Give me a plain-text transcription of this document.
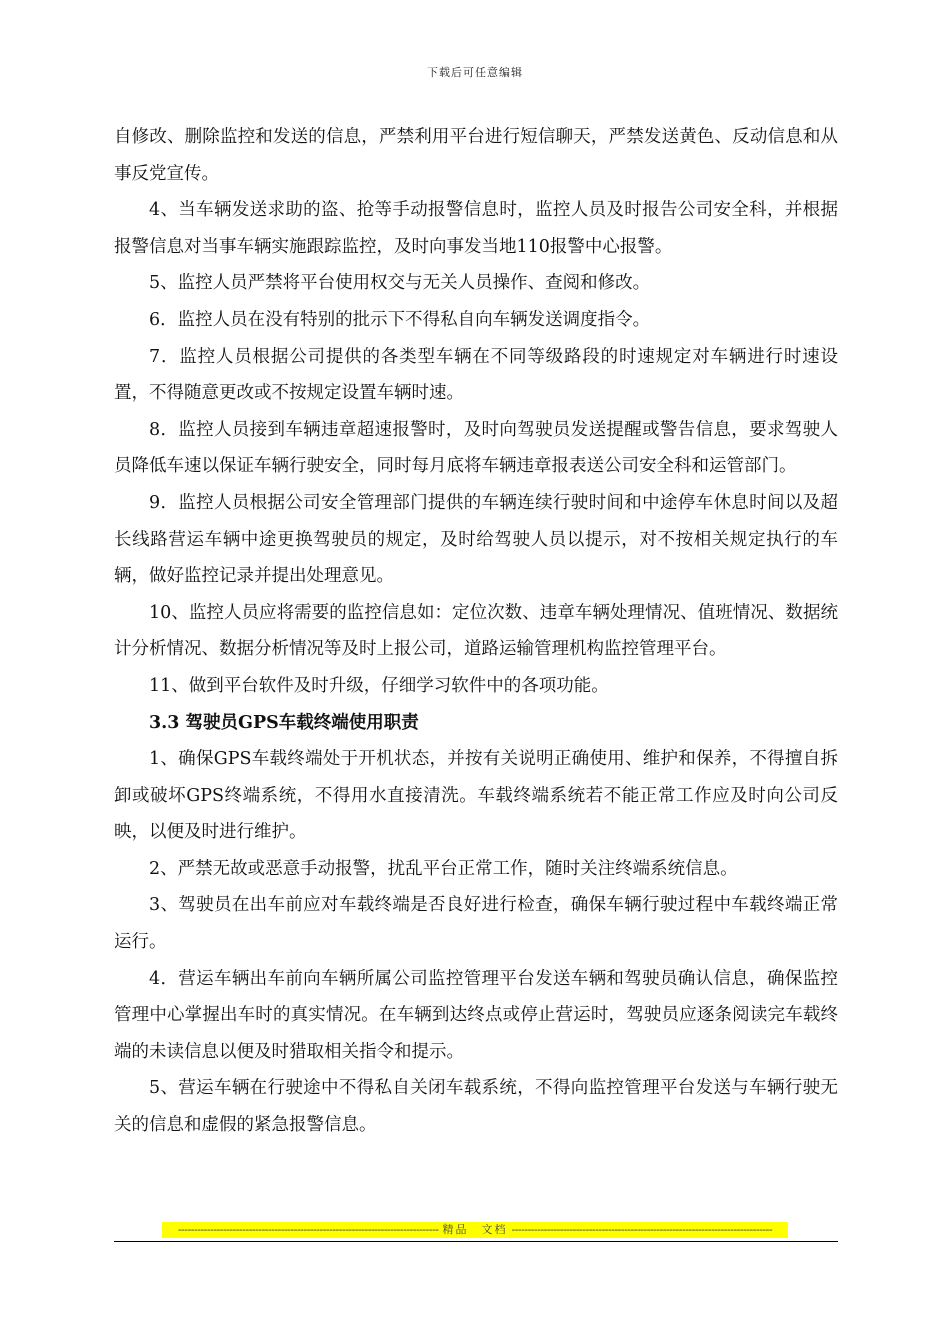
下载后可任意编辑

自修改、删除监控和发送的信息，严禁利用平台进行短信聊天，严禁发送黄色、反动信息和从事反党宣传。

4、当车辆发送求助的盗、抢等手动报警信息时，监控人员及时报告公司安全科，并根据报警信息对当事车辆实施跟踪监控，及时向事发当地110报警中心报警。

5、监控人员严禁将平台使用权交与无关人员操作、查阅和修改。

6．监控人员在没有特别的批示下不得私自向车辆发送调度指令。

7．监控人员根据公司提供的各类型车辆在不同等级路段的时速规定对车辆进行时速设置，不得随意更改或不按规定设置车辆时速。

8．监控人员接到车辆违章超速报警时，及时向驾驶员发送提醒或警告信息，要求驾驶人员降低车速以保证车辆行驶安全，同时每月底将车辆违章报表送公司安全科和运管部门。

9．监控人员根据公司安全管理部门提供的车辆连续行驶时间和中途停车休息时间以及超长线路营运车辆中途更换驾驶员的规定，及时给驾驶人员以提示，对不按相关规定执行的车辆，做好监控记录并提出处理意见。

10、监控人员应将需要的监控信息如：定位次数、违章车辆处理情况、值班情况、数据统计分析情况、数据分析情况等及时上报公司，道路运输管理机构监控管理平台。

11、做到平台软件及时升级，仔细学习软件中的各项功能。

3.3 驾驶员GPS车载终端使用职责

1、确保GPS车载终端处于开机状态，并按有关说明正确使用、维护和保养，不得擅自拆卸或破坏GPS终端系统，不得用水直接清洗。车载终端系统若不能正常工作应及时向公司反映，以便及时进行维护。

2、严禁无故或恶意手动报警，扰乱平台正常工作，随时关注终端系统信息。

3、驾驶员在出车前应对车载终端是否良好进行检查，确保车辆行驶过程中车载终端正常运行。

4．营运车辆出车前向车辆所属公司监控管理平台发送车辆和驾驶员确认信息，确保监控管理中心掌握出车时的真实情况。在车辆到达终点或停止营运时，驾驶员应逐条阅读完车载终端的未读信息以便及时猎取相关指令和提示。

5、营运车辆在行驶途中不得私自关闭车载系统，不得向监控管理平台发送与车辆行驶无关的信息和虚假的紧急报警信息。

--------------------------------------------------------------------------------- 精品　文档 ---------------------------------------------------------------------------------
